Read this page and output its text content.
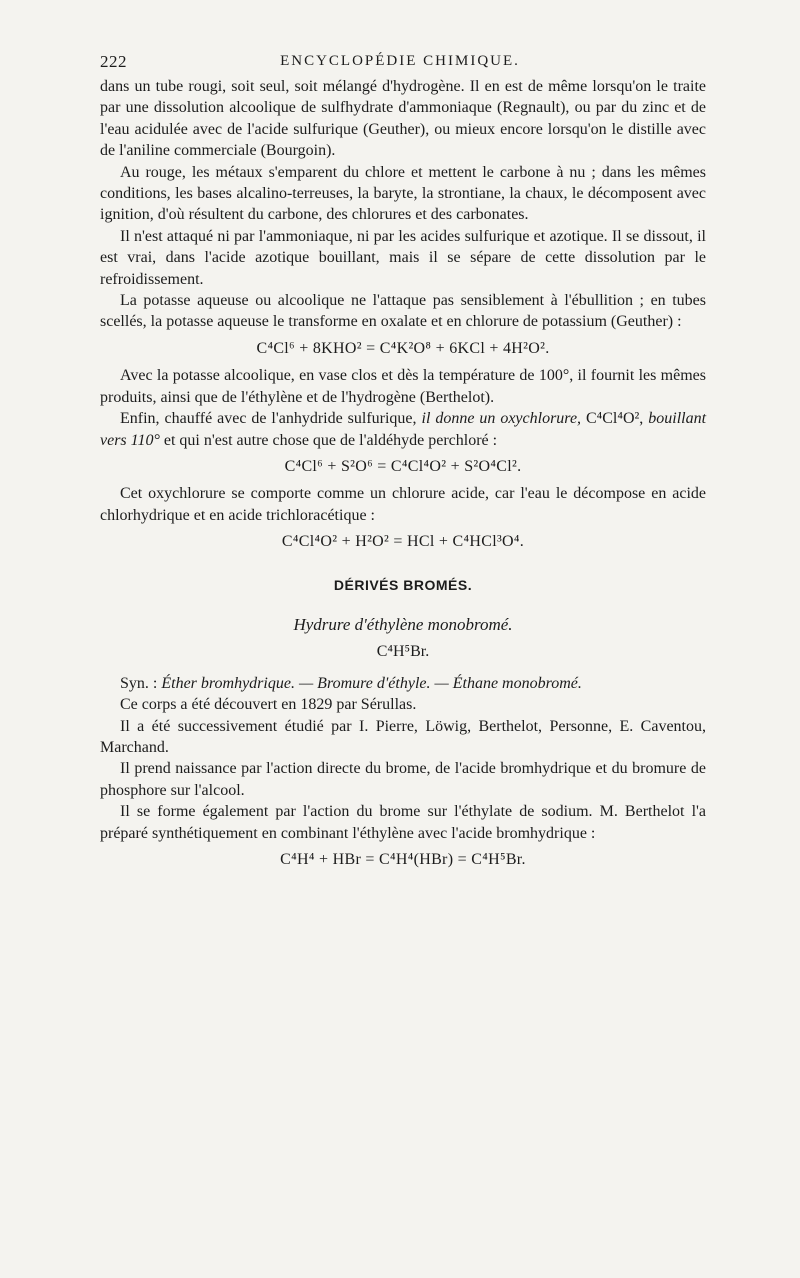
222	ENCYCLOPÉDIE CHIMIQUE.

dans un tube rougi, soit seul, soit mélangé d'hydrogène. Il en est de même lorsqu'on le traite par une dissolution alcoolique de sulfhydrate d'ammoniaque (Regnault), ou par du zinc et de l'eau acidulée avec de l'acide sulfurique (Geuther), ou mieux encore lorsqu'on le distille avec de l'aniline commerciale (Bourgoin).

Au rouge, les métaux s'emparent du chlore et mettent le carbone à nu ; dans les mêmes conditions, les bases alcalino-terreuses, la baryte, la strontiane, la chaux, le décomposent avec ignition, d'où résultent du carbone, des chlorures et des carbonates.

Il n'est attaqué ni par l'ammoniaque, ni par les acides sulfurique et azotique. Il se dissout, il est vrai, dans l'acide azotique bouillant, mais il se sépare de cette dissolution par le refroidissement.

La potasse aqueuse ou alcoolique ne l'attaque pas sensiblement à l'ébullition ; en tubes scellés, la potasse aqueuse le transforme en oxalate et en chlorure de potassium (Geuther) :

C⁴Cl⁶ + 8KHO² = C⁴K²O⁸ + 6KCl + 4H²O².

Avec la potasse alcoolique, en vase clos et dès la température de 100°, il fournit les mêmes produits, ainsi que de l'éthylène et de l'hydrogène (Berthelot).

Enfin, chauffé avec de l'anhydride sulfurique, il donne un oxychlorure, C⁴Cl⁴O², bouillant vers 110° et qui n'est autre chose que de l'aldéhyde perchloré :

C⁴Cl⁶ + S²O⁶ = C⁴Cl⁴O² + S²O⁴Cl².

Cet oxychlorure se comporte comme un chlorure acide, car l'eau le décompose en acide chlorhydrique et en acide trichloracétique :

C⁴Cl⁴O² + H²O² = HCl + C⁴HCl³O⁴.
DÉRIVÉS BROMÉS.
Hydrure d'éthylène monobromé.
C⁴H⁵Br.

Syn. : Éther bromhydrique. — Bromure d'éthyle. — Éthane monobromé.

Ce corps a été découvert en 1829 par Sérullas.

Il a été successivement étudié par I. Pierre, Löwig, Berthelot, Personne, E. Caventou, Marchand.

Il prend naissance par l'action directe du brome, de l'acide bromhydrique et du bromure de phosphore sur l'alcool.

Il se forme également par l'action du brome sur l'éthylate de sodium. M. Berthelot l'a préparé synthétiquement en combinant l'éthylène avec l'acide bromhydrique :

C⁴H⁴ + HBr = C⁴H⁴(HBr) = C⁴H⁵Br.
